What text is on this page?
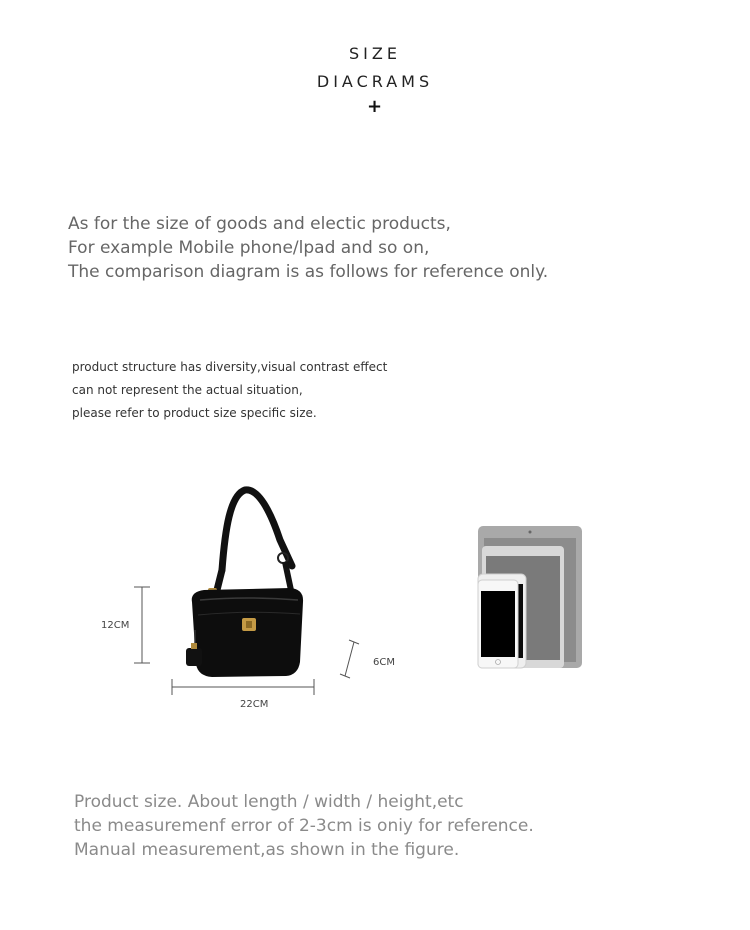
SIZE
DIACRAMS
+
As for the size of goods and electic products,
For example Mobile phone/lpad and so on,
The comparison diagram is as follows for reference only.
product structure has diversity,visual contrast effect
can not represent the actual situation,
please refer to product size specific size.
12CM
6CM
22CM
Product size. About length / width / height,etc
the measuremenf error of 2-3cm is oniy for reference.
ManuaI measurement,as shown in the figure.
